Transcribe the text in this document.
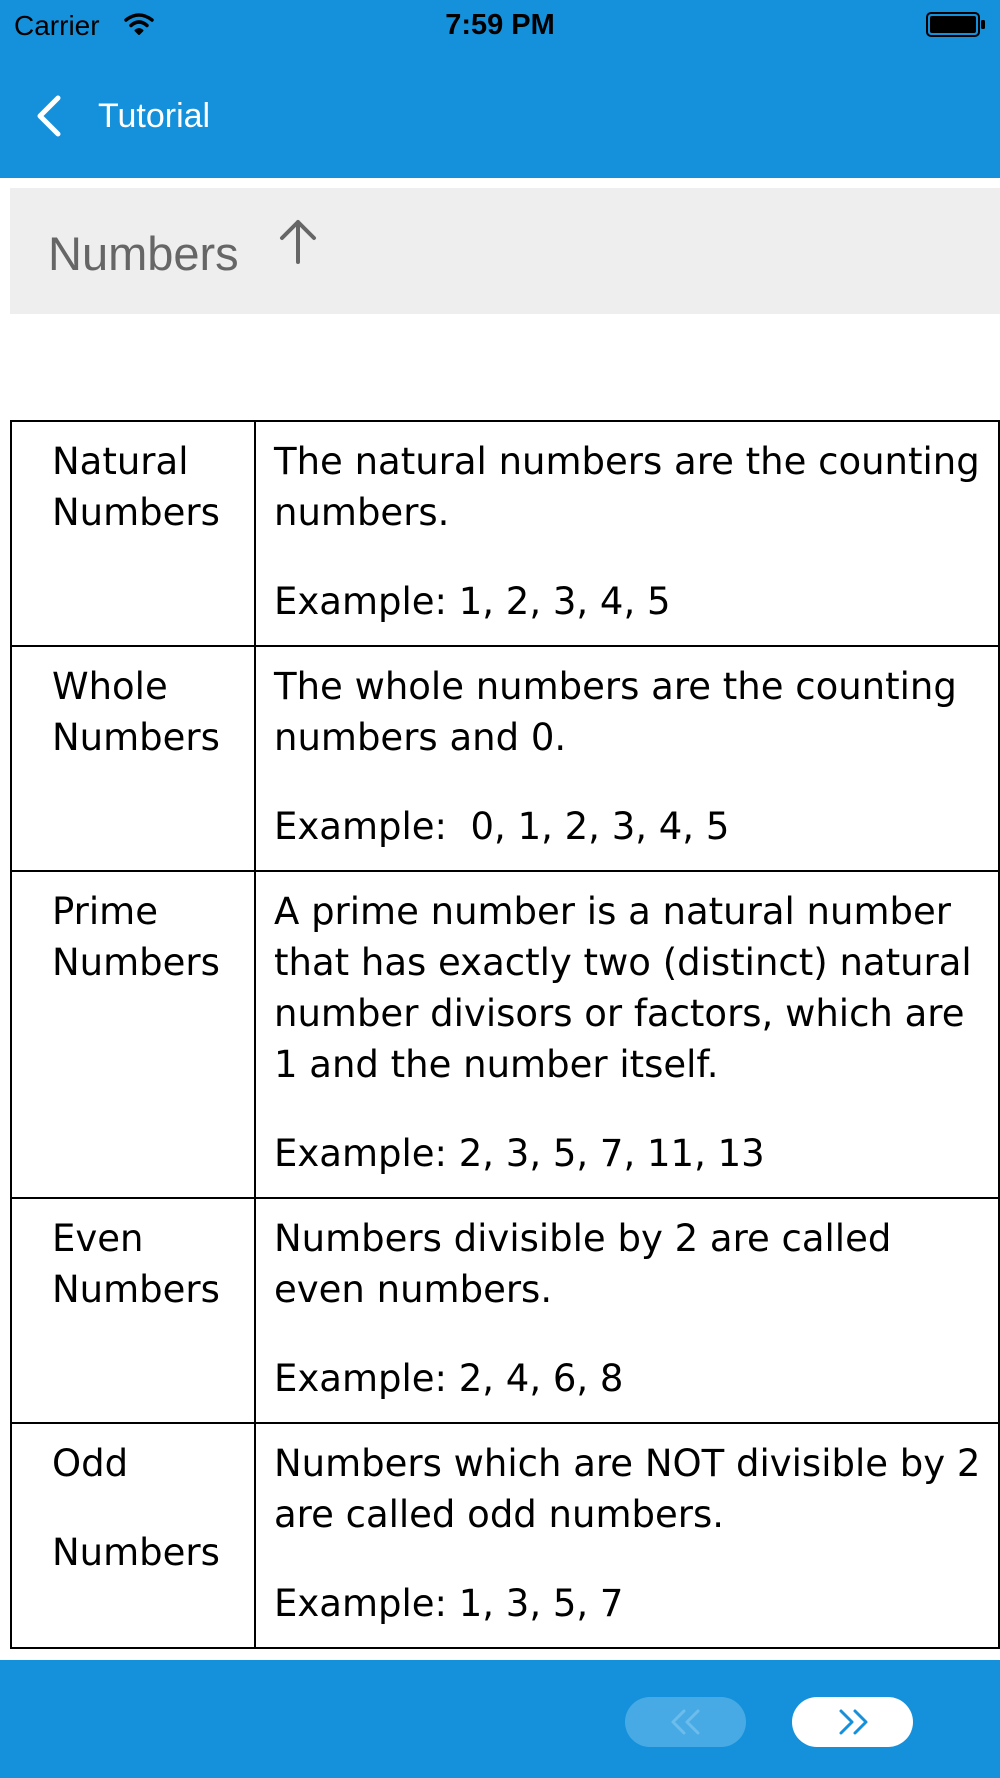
Carrier	7:59 PM
Tutorial
Numbers
Natural
Numbers	The natural numbers are the counting numbers.
Example: 1, 2, 3, 4, 5

Whole
Numbers	The whole numbers are the counting numbers and 0.
Example:  0, 1, 2, 3, 4, 5

Prime
Numbers	A prime number is a natural number that has exactly two (distinct) natural number divisors or factors, which are 1 and the number itself.
Example: 2, 3, 5, 7, 11, 13

Even
Numbers	Numbers divisible by 2 are called even numbers.
Example: 2, 4, 6, 8

Odd
Numbers	Numbers which are NOT divisible by 2 are called odd numbers.
Example: 1, 3, 5, 7
